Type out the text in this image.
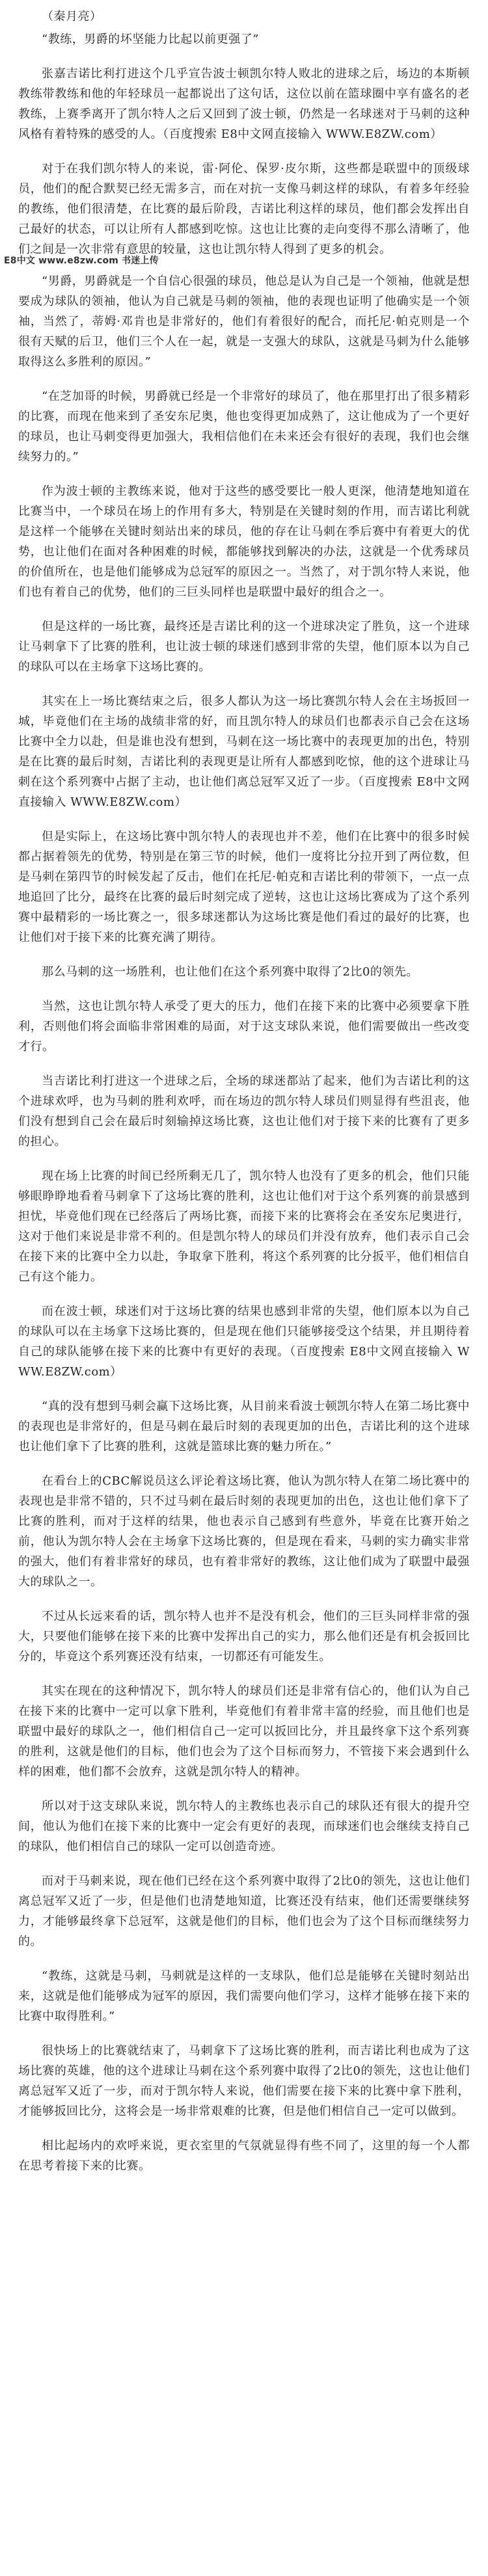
（秦月亮）

“教练，男爵的坏坚能力比起以前更强了”

张嘉吉诺比利打进这个几乎宣告波士顿凯尔特人败北的进球之后，场边的本斯顿教练带教练和他的年轻球员一起都说出了这句话，这位以前在篮球圈中享有盛名的老教练，上赛季离开了凯尔特人之后又回到了波士顿，仍然是一名球迷对于马刺的这种风格有着特殊的感受的人。（百度搜索 E8中文网直接输入 WWW.E8ZW.com）

对于在我们凯尔特人的来说，雷·阿伦、保罗·皮尔斯，这些都是联盟中的顶级球员，他们的配合默契已经无需多言，而在对抗一支像马刺这样的球队，有着多年经验的教练，他们很清楚，在比赛的最后阶段，吉诺比利这样的球员，他们都会发挥出自己最好的状态，可以让所有人都感到吃惊。这也让比赛的走向变得不那么清晰了，他们之间是一次非常有意思的较量，这也让凯尔特人得到了更多的机会。

E8中文 www.e8zw.com 书迷上传

“男爵，男爵就是一个自信心很强的球员，他总是认为自己是一个领袖，他就是想要成为球队的领袖，他认为自己就是马刺的领袖，他的表现也证明了他确实是一个领袖，当然了，蒂姆·邓肯也是非常好的，他们有着很好的配合，而托尼·帕克则是一个很有天赋的后卫，他们三个人在一起，就是一支强大的球队，这就是马刺为什么能够取得这么多胜利的原因。”

“在芝加哥的时候，男爵就已经是一个非常好的球员了，他在那里打出了很多精彩的比赛，而现在他来到了圣安东尼奥，他也变得更加成熟了，这让他成为了一个更好的球员，也让马刺变得更加强大，我相信他们在未来还会有很好的表现，我们也会继续努力的。”

作为波士顿的主教练来说，他对于这些的感受要比一般人更深，他清楚地知道在比赛当中，一个球员在场上的作用有多大，特别是在关键时刻的作用，而吉诺比利就是这样一个能够在关键时刻站出来的球员，他的存在让马刺在季后赛中有着更大的优势，也让他们在面对各种困难的时候，都能够找到解决的办法，这就是一个优秀球员的价值所在，也是他们能够成为总冠军的原因之一。当然了，对于凯尔特人来说，他们也有着自己的优势，他们的三巨头同样也是联盟中最好的组合之一。

但是这样的一场比赛，最终还是吉诺比利的这一个进球决定了胜负，这一个进球让马刺拿下了比赛的胜利，也让波士顿的球迷们感到非常的失望，他们原本以为自己的球队可以在主场拿下这场比赛的。

其实在上一场比赛结束之后，很多人都认为这一场比赛凯尔特人会在主场扳回一城，毕竟他们在主场的战绩非常的好，而且凯尔特人的球员们也都表示自己会在这场比赛中全力以赴，但是谁也没有想到，马刺在这一场比赛中的表现更加的出色，特别是在比赛的最后时刻，吉诺比利的表现更是让所有人都感到吃惊，他的这个进球让马刺在这个系列赛中占据了主动，也让他们离总冠军又近了一步。（百度搜索 E8中文网直接输入 WWW.E8ZW.com）

但是实际上，在这场比赛中凯尔特人的表现也并不差，他们在比赛中的很多时候都占据着领先的优势，特别是在第三节的时候，他们一度将比分拉开到了两位数，但是马刺在第四节的时候发起了反击，他们在托尼·帕克和吉诺比利的带领下，一点一点地追回了比分，最终在比赛的最后时刻完成了逆转，这也让这场比赛成为了这个系列赛中最精彩的一场比赛之一，很多球迷都认为这场比赛是他们看过的最好的比赛，也让他们对于接下来的比赛充满了期待。

那么马刺的这一场胜利，也让他们在这个系列赛中取得了2比0的领先。

当然，这也让凯尔特人承受了更大的压力，他们在接下来的比赛中必须要拿下胜利，否则他们将会面临非常困难的局面，对于这支球队来说，他们需要做出一些改变才行。

当吉诺比利打进这一个进球之后，全场的球迷都站了起来，他们为吉诺比利的这个进球欢呼，也为马刺的胜利欢呼，而在场边的凯尔特人球员们则显得有些沮丧，他们没有想到自己会在最后时刻输掉这场比赛，这也让他们对于接下来的比赛有了更多的担心。

现在场上比赛的时间已经所剩无几了，凯尔特人也没有了更多的机会，他们只能够眼睁睁地看着马刺拿下了这场比赛的胜利，这也让他们对于这个系列赛的前景感到担忧，毕竟他们现在已经落后了两场比赛，而接下来的比赛将会在圣安东尼奥进行，这对于他们来说是非常不利的。但是凯尔特人的球员们并没有放弃，他们表示自己会在接下来的比赛中全力以赴，争取拿下胜利，将这个系列赛的比分扳平，他们相信自己有这个能力。

而在波士顿，球迷们对于这场比赛的结果也感到非常的失望，他们原本以为自己的球队可以在主场拿下这场比赛的，但是现在他们只能够接受这个结果，并且期待着自己的球队能够在接下来的比赛中有更好的表现。（百度搜索 E8中文网直接输入 WWW.E8ZW.com）

“真的没有想到马刺会赢下这场比赛，从目前来看波士顿凯尔特人在第二场比赛中的表现也是非常好的，但是马刺在最后时刻的表现更加的出色，吉诺比利的这个进球也让他们拿下了比赛的胜利，这就是篮球比赛的魅力所在。”

在看台上的CBC解说员这么评论着这场比赛，他认为凯尔特人在第二场比赛中的表现也是非常不错的，只不过马刺在最后时刻的表现更加的出色，这也让他们拿下了比赛的胜利，而对于这样的结果，他也表示自己感到有些意外，毕竟在比赛开始之前，他认为凯尔特人会在主场拿下这场比赛的，但是现在看来，马刺的实力确实非常的强大，他们有着非常好的球员，也有着非常好的教练，这让他们成为了联盟中最强大的球队之一。

不过从长远来看的话，凯尔特人也并不是没有机会，他们的三巨头同样非常的强大，只要他们能够在接下来的比赛中发挥出自己的实力，那么他们还是有机会扳回比分的，毕竟这个系列赛还没有结束，一切都还有可能发生。

其实在现在的这种情况下，凯尔特人的球员们还是非常有信心的，他们认为自己在接下来的比赛中一定可以拿下胜利，毕竟他们有着非常丰富的经验，而且他们也是联盟中最好的球队之一，他们相信自己一定可以扳回比分，并且最终拿下这个系列赛的胜利，这就是他们的目标，他们也会为了这个目标而努力，不管接下来会遇到什么样的困难，他们都不会放弃，这就是凯尔特人的精神。

所以对于这支球队来说，凯尔特人的主教练也表示自己的球队还有很大的提升空间，他认为他们在接下来的比赛中一定会有更好的表现，而球迷们也会继续支持自己的球队，他们相信自己的球队一定可以创造奇迹。

而对于马刺来说，现在他们已经在这个系列赛中取得了2比0的领先，这也让他们离总冠军又近了一步，但是他们也清楚地知道，比赛还没有结束，他们还需要继续努力，才能够最终拿下总冠军，这就是他们的目标，他们也会为了这个目标而继续努力的。

“教练，这就是马刺，马刺就是这样的一支球队，他们总是能够在关键时刻站出来，这就是他们能够成为冠军的原因，我们需要向他们学习，这样才能够在接下来的比赛中取得胜利。”

很快场上的比赛就结束了，马刺拿下了这场比赛的胜利，而吉诺比利也成为了这场比赛的英雄，他的这个进球让马刺在这个系列赛中取得了2比0的领先，这也让他们离总冠军又近了一步，而对于凯尔特人来说，他们需要在接下来的比赛中拿下胜利，才能够扳回比分，这将会是一场非常艰难的比赛，但是他们相信自己一定可以做到。

相比起场内的欢呼来说，更衣室里的气氛就显得有些不同了，这里的每一个人都在思考着接下来的比赛。
